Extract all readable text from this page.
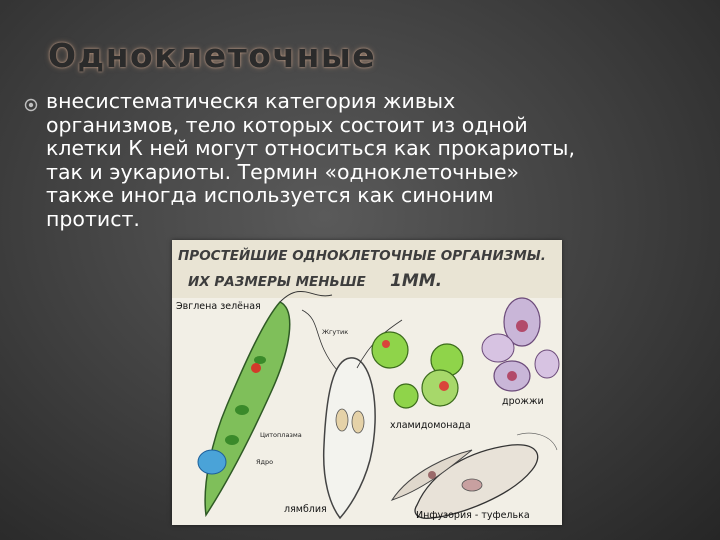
Одноклеточные
внесистематическя категория живых
организмов, тело которых состоит из одной
клетки К ней могут относиться как прокариоты,
так и эукариоты. Термин «одноклеточные»
также иногда используется как синоним
протист.
ПРОСТЕЙШИЕ ОДНОКЛЕТОЧНЫЕ ОРГАНИЗМЫ.
ИХ РАЗМЕРЫ МЕНЬШЕ 1ММ.
Эвглена зелёная
Жгутик
Цитоплазма
Ядро
дрожжи
хламидомонада
лямблия
Инфузория - туфелька
